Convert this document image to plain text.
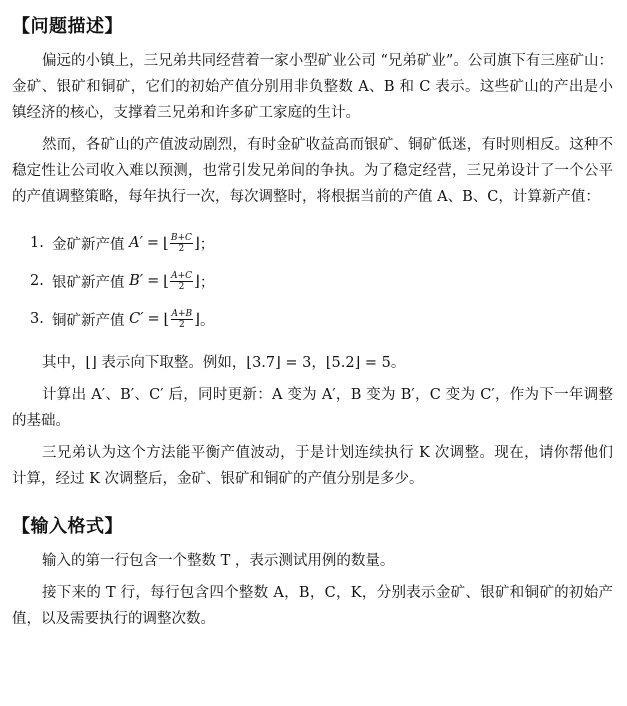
【问题描述】

偏远的小镇上，三兄弟共同经营着一家小型矿业公司 “兄弟矿业”。公司旗下有三座矿山：金矿、银矿和铜矿，它们的初始产值分别用非负整数 A、B 和 C 表示。这些矿山的产出是小镇经济的核心，支撑着三兄弟和许多矿工家庭的生计。

然而，各矿山的产值波动剧烈，有时金矿收益高而银矿、铜矿低迷，有时则相反。这种不稳定性让公司收入难以预测，也常引发兄弟间的争执。为了稳定经营，三兄弟设计了一个公平的产值调整策略，每年执行一次，每次调整时，将根据当前的产值 A、B、C，计算新产值：

1. 金矿新产值
A′ = ⌊ $\frac{B+C}{2}$ ⌋ ；
2. 银矿新产值
B′ = ⌊ $\frac{A+C}{2}$ ⌋ ；
3. 铜矿新产值
C′ = ⌊ $\frac{A+B}{2}$ ⌋ 。

其中，⌊⌋ 表示向下取整。例如，⌊3.7⌋ = 3，⌊5.2⌋ = 5。

计算出 A′、B′、C′ 后，同时更新：A 变为 A′，B 变为 B′，C 变为 C′，作为下一年调整的基础。

三兄弟认为这个方法能平衡产值波动，于是计划连续执行 K 次调整。现在，请你帮他们计算，经过 K 次调整后，金矿、银矿和铜矿的产值分别是多少。

【输入格式】

输入的第一行包含一个整数 T ，表示测试用例的数量。

接下来的 T 行，每行包含四个整数 A，B，C，K，分别表示金矿、银矿和铜矿的初始产值，以及需要执行的调整次数。
